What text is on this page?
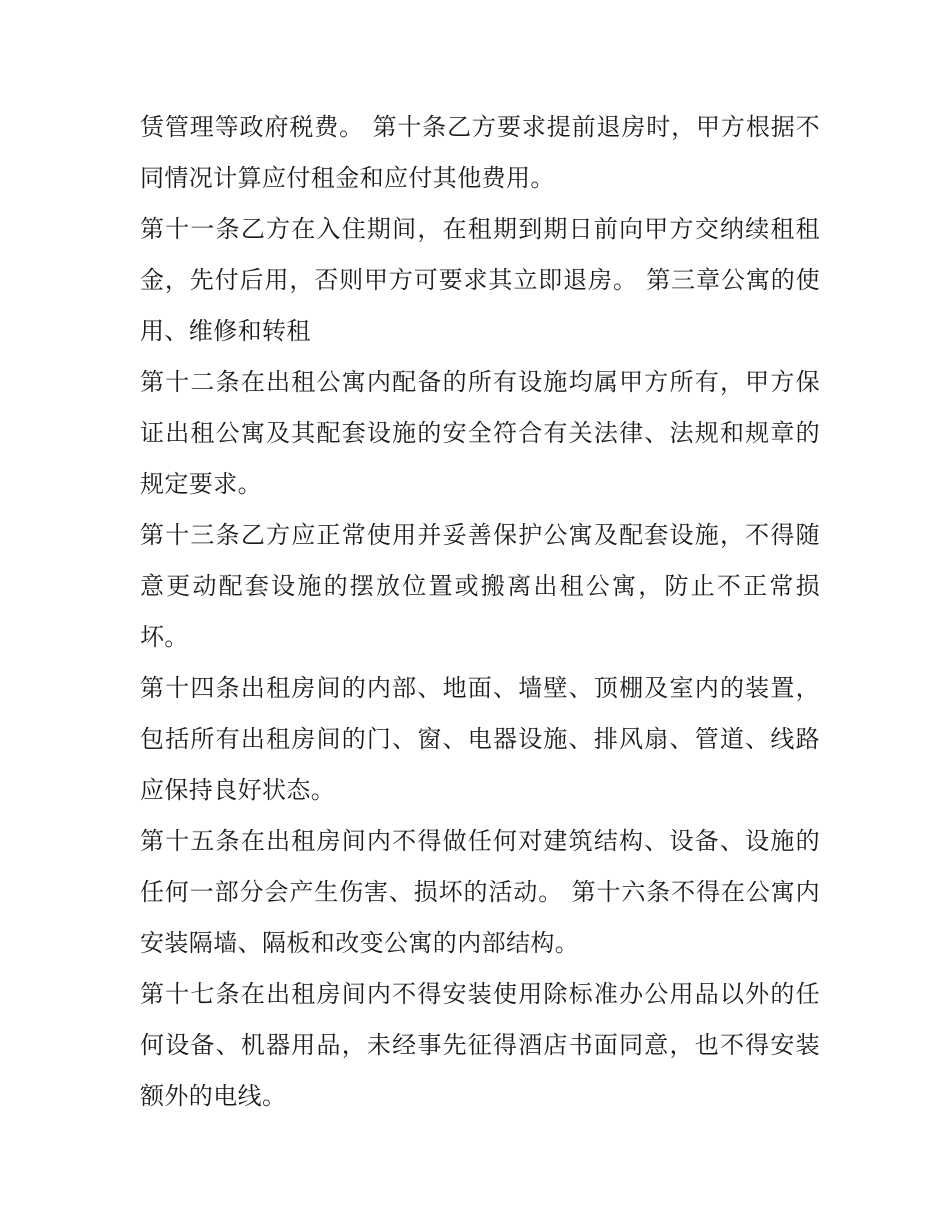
赁管理等政府税费。 第十条乙方要求提前退房时，甲方根据不同情况计算应付租金和应付其他费用。

第十一条乙方在入住期间，在租期到期日前向甲方交纳续租租金，先付后用，否则甲方可要求其立即退房。 第三章公寓的使用、维修和转租

第十二条在出租公寓内配备的所有设施均属甲方所有，甲方保证出租公寓及其配套设施的安全符合有关法律、法规和规章的规定要求。

第十三条乙方应正常使用并妥善保护公寓及配套设施，不得随意更动配套设施的摆放位置或搬离出租公寓，防止不正常损坏。

第十四条出租房间的内部、地面、墙壁、顶棚及室内的装置，包括所有出租房间的门、窗、电器设施、排风扇、管道、线路应保持良好状态。

第十五条在出租房间内不得做任何对建筑结构、设备、设施的任何一部分会产生伤害、损坏的活动。 第十六条不得在公寓内安装隔墙、隔板和改变公寓的内部结构。

第十七条在出租房间内不得安装使用除标准办公用品以外的任何设备、机器用品，未经事先征得酒店书面同意，也不得安装额外的电线。
